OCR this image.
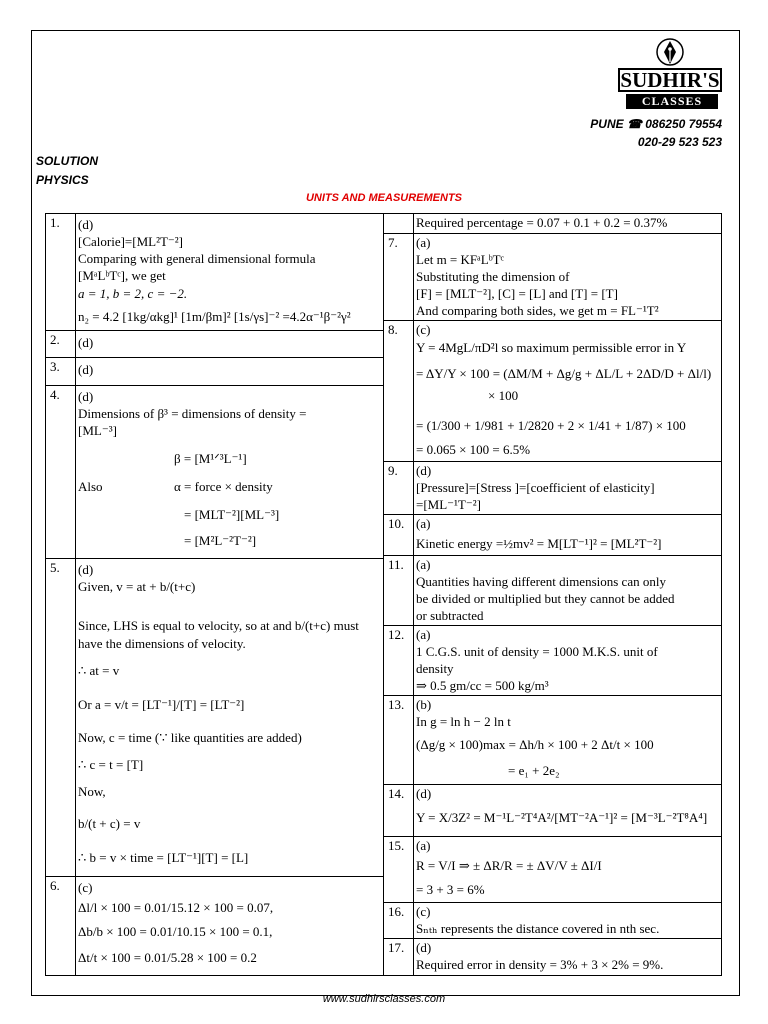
SUDHIR'S
CLASSES
PUNE ☎ 086250 79554
020-29 523 523
SOLUTION
PHYSICS
UNITS AND MEASUREMENTS
1.	(d)
[Calorie]=[ML²T⁻²]
Comparing with general dimensional formula
[MᵃLᵇTᶜ], we get
a = 1, b = 2, c = −2.
n₂ = 4.2 [1kg/αkg]¹ [1m/βm]² [1s/γs]⁻² =4.2α⁻¹β⁻²γ²
2.	(d)
3.	(d)
4.	(d)
Dimensions of β³ = dimensions of density =
[ML⁻³]
β = [M¹ᐟ³L⁻¹]
Also	α = force × density
= [MLT⁻²][ML⁻³]
= [M²L⁻²T⁻²]
5.	(d)
Given, v = at + b/(t+c)
Since, LHS is equal to velocity, so at and b/(t+c) must
have the dimensions of velocity.
∴ at = v
Or a = v/t = [LT⁻¹]/[T] = [LT⁻²]
Now, c = time (∵ like quantities are added)
∴ c = t = [T]
Now,
b/(t + c) = v
∴ b = v × time = [LT⁻¹][T] = [L]
6.	(c)
Δl/l × 100 = 0.01/15.12 × 100 = 0.07,
Δb/b × 100 = 0.01/10.15 × 100 = 0.1,
Δt/t × 100 = 0.01/5.28 × 100 = 0.2
Required percentage = 0.07 + 0.1 + 0.2 = 0.37%
7.	(a)
Let m = KFᵃLᵇTᶜ
Substituting the dimension of
[F] = [MLT⁻²], [C] = [L] and [T] = [T]
And comparing both sides, we get m = FL⁻¹T²
8.	(c)
Y = 4MgL/πD²l so maximum permissible error in Y
= ΔY/Y × 100 = (ΔM/M + Δg/g + ΔL/L + 2ΔD/D + Δl/l)
× 100
= (1/300 + 1/981 + 1/2820 + 2 × 1/41 + 1/87) × 100
= 0.065 × 100 = 6.5%
9.	(d)
[Pressure]=[Stress ]=[coefficient of elasticity]
=[ML⁻¹T⁻²]
10. (a)
Kinetic energy =½mv² = M[LT⁻¹]² = [ML²T⁻²]
11. (a)
Quantities having different dimensions can only
be divided or multiplied but they cannot be added
or subtracted
12. (a)
1 C.G.S. unit of density = 1000 M.K.S. unit of
density
⇒ 0.5 gm/cc = 500 kg/m³
13. (b)
In g = ln h − 2 ln t
(Δg/g × 100)max = Δh/h × 100 + 2 Δt/t × 100
= e₁ + 2e₂
14. (d)
Y = X/3Z² = M⁻¹L⁻²T⁴A²/[MT⁻²A⁻¹]² = [M⁻³L⁻²T⁸A⁴]
15. (a)
R = V/I ⇒ ± ΔR/R = ± ΔV/V ± ΔI/I
= 3 + 3 = 6%
16. (c)
Sₙₜₕ represents the distance covered in nth sec.
17. (d)
Required error in density = 3% + 3 × 2% = 9%.
www.sudhirsclasses.com
